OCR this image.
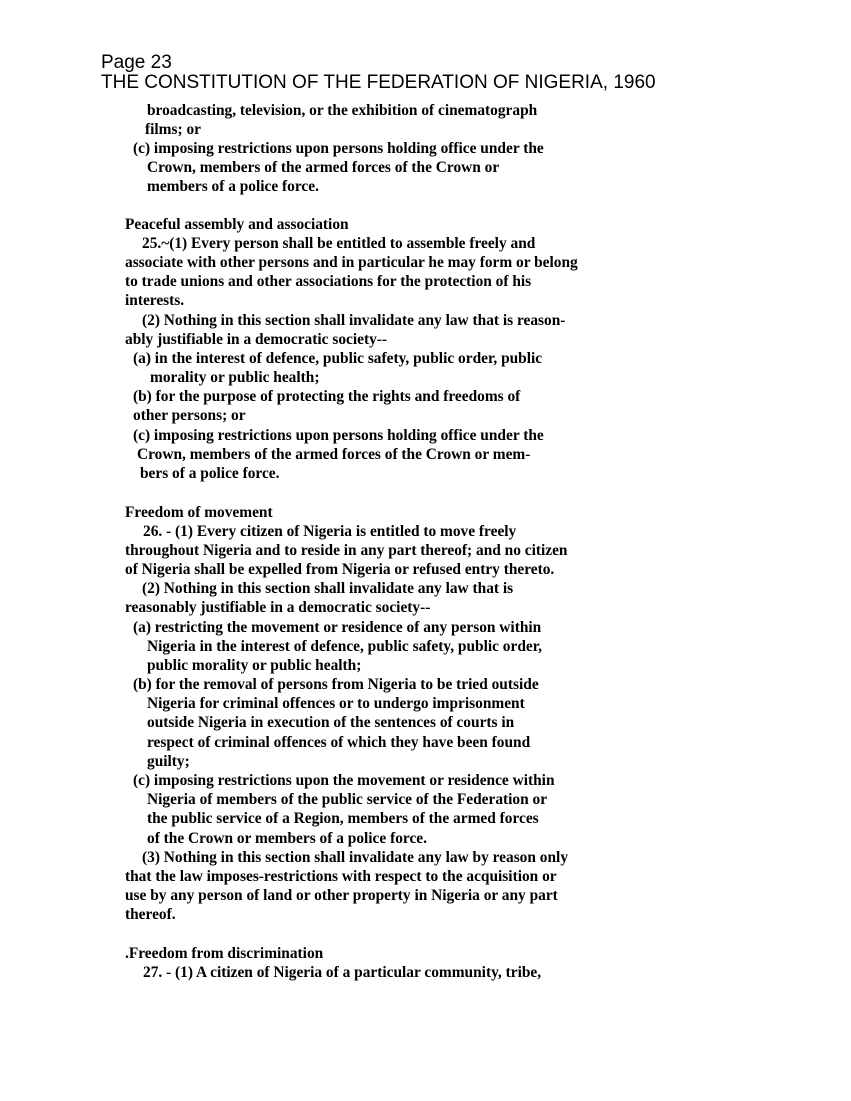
Page 23
THE CONSTITUTION OF THE FEDERATION OF NIGERIA, 1960
broadcasting, television, or the exhibition of cinematograph
films; or
(c) imposing restrictions upon persons holding office under the
Crown, members of the armed forces of the Crown or
members of a police force.
Peaceful assembly and association
25.~(1) Every person shall be entitled to assemble freely and
associate with other persons and in particular he may form or belong
to trade unions and other associations for the protection of his
interests.
(2) Nothing in this section shall invalidate any law that is reason-
ably justifiable in a democratic society--
(a) in the interest of defence, public safety, public order, public
morality or public health;
(b) for the purpose of protecting the rights and freedoms of
other persons; or
(c) imposing restrictions upon persons holding office under the
Crown, members of the armed forces of the Crown or mem-
bers of a police force.
Freedom of movement
26. - (1) Every citizen of Nigeria is entitled to move freely
throughout Nigeria and to reside in any part thereof; and no citizen
of Nigeria shall be expelled from Nigeria or refused entry thereto.
(2) Nothing in this section shall invalidate any law that is
reasonably justifiable in a democratic society--
(a) restricting the movement or residence of any person within
Nigeria in the interest of defence, public safety, public order,
public morality or public health;
(b) for the removal of persons from Nigeria to be tried outside
Nigeria for criminal offences or to undergo imprisonment
outside Nigeria in execution of the sentences of courts in
respect of criminal offences of which they have been found
guilty;
(c) imposing restrictions upon the movement or residence within
Nigeria of members of the public service of the Federation or
the public service of a Region, members of the armed forces
of the Crown or members of a police force.
(3) Nothing in this section shall invalidate any law by reason only
that the law imposes-restrictions with respect to the acquisition or
use by any person of land or other property in Nigeria or any part
thereof.
.Freedom from discrimination
27. - (1) A citizen of Nigeria of a particular community, tribe,
